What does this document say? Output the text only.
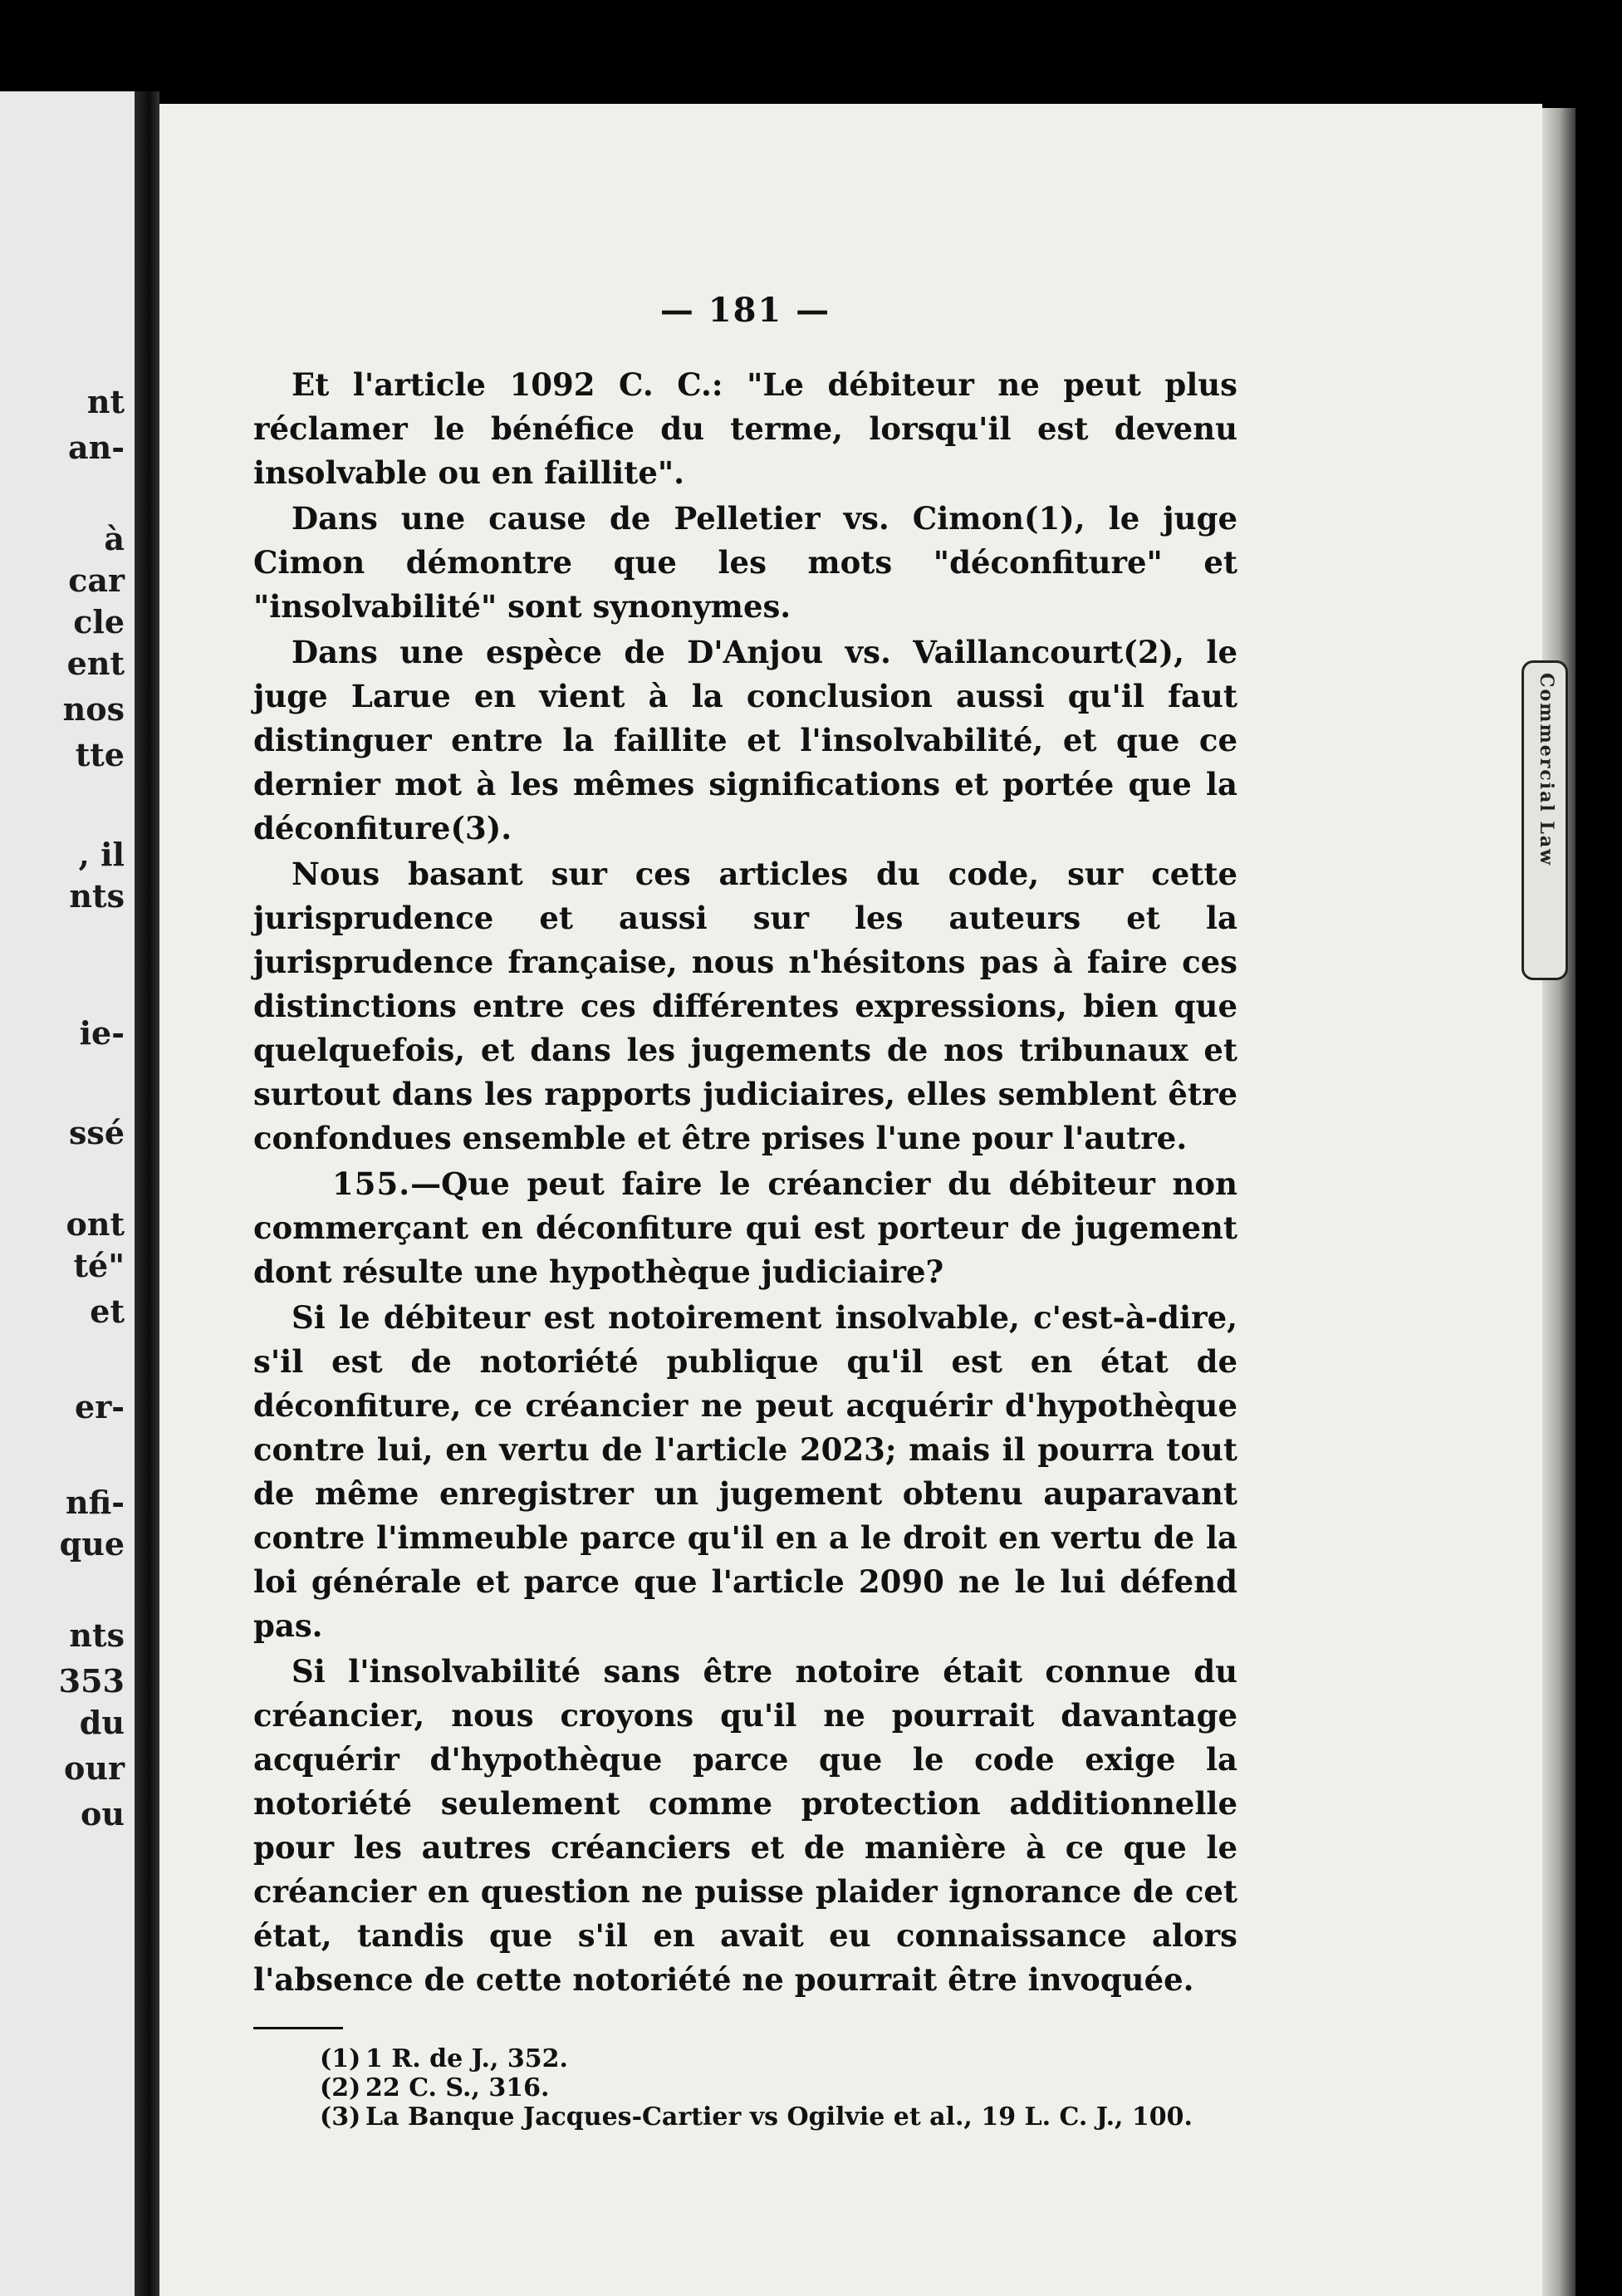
nt
an-
à
car
cle
ent
nos
tte
, il
nts
ie-
ssé
ont
té"
et
er-
nfi-
que
nts
353
du
our
ou
Commercial Law
— 181 —

Et l'article 1092 C. C.: "Le débiteur ne peut plus réclamer le bénéfice du terme, lorsqu'il est devenu insolvable ou en faillite".

Dans une cause de Pelletier vs. Cimon(1), le juge Cimon démontre que les mots "déconfiture" et "insolvabilité" sont synonymes.

Dans une espèce de D'Anjou vs. Vaillancourt(2), le juge Larue en vient à la conclusion aussi qu'il faut distinguer entre la faillite et l'insolvabilité, et que ce dernier mot à les mêmes significations et portée que la déconfiture(3).

Nous basant sur ces articles du code, sur cette jurisprudence et aussi sur les auteurs et la jurisprudence française, nous n'hésitons pas à faire ces distinctions entre ces différentes expressions, bien que quelquefois, et dans les jugements de nos tribunaux et surtout dans les rapports judiciaires, elles semblent être confondues ensemble et être prises l'une pour l'autre.

155.—Que peut faire le créancier du débiteur non commerçant en déconfiture qui est porteur de jugement dont résulte une hypothèque judiciaire?

Si le débiteur est notoirement insolvable, c'est-à-dire, s'il est de notoriété publique qu'il est en état de déconfiture, ce créancier ne peut acquérir d'hypothèque contre lui, en vertu de l'article 2023; mais il pourra tout de même enregistrer un jugement obtenu auparavant contre l'immeuble parce qu'il en a le droit en vertu de la loi générale et parce que l'article 2090 ne le lui défend pas.

Si l'insolvabilité sans être notoire était connue du créancier, nous croyons qu'il ne pourrait davantage acquérir d'hypothèque parce que le code exige la notoriété seulement comme protection additionnelle pour les autres créanciers et de manière à ce que le créancier en question ne puisse plaider ignorance de cet état, tandis que s'il en avait eu connaissance alors l'absence de cette notoriété ne pourrait être invoquée.

(1) 1 R. de J., 352.
(2) 22 C. S., 316.
(3) La Banque Jacques-Cartier vs Ogilvie et al., 19 L. C. J., 100.
